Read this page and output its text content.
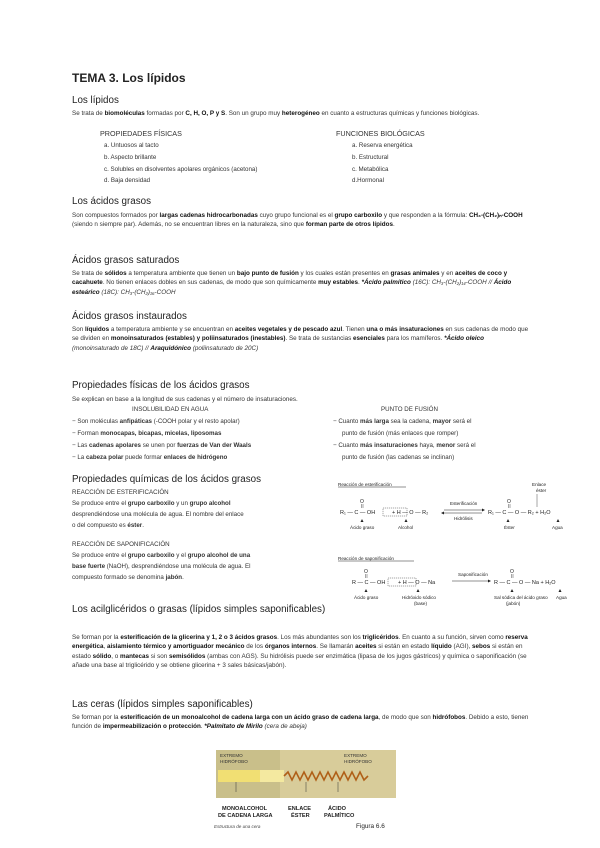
TEMA 3. Los lípidos
Los lípidos
Se trata de biomoléculas formadas por C, H, O, P y S. Son un grupo muy heterogéneo en cuanto a estructuras químicas y funciones biológicas.
PROPIEDADES FÍSICAS	FUNCIONES BIOLÓGICAS
a. Untuosos al tacto
b. Aspecto brillante
c. Solubles en disolventes apolares orgánicos (acetona)
d. Baja densidad
a. Reserva energética
b. Estructural
c. Metabólica
d.Hormonal
Los ácidos grasos
Son compuestos formados por largas cadenas hidrocarbonadas cuyo grupo funcional es el grupo carboxilo y que responden a la fórmula: CH₃-(CH₂)ₙ-COOH (siendo n siempre par). Además, no se encuentran libres en la naturaleza, sino que forman parte de otros lípidos.
Ácidos grasos saturados
Se trata de sólidos a temperatura ambiente que tienen un bajo punto de fusión y los cuales están presentes en grasas animales y en aceites de coco y cacahuete. No tienen enlaces dobles en sus cadenas, de modo que son químicamente muy estables. *Ácido palmítico (16C): CH₃-(CH₂)₁₄-COOH // Ácido esteárico (18C): CH₃-(CH₂)₁₆-COOH
Ácidos grasos instaurados
Son líquidos a temperatura ambiente y se encuentran en aceites vegetales y de pescado azul. Tienen una o más insaturaciones en sus cadenas de modo que se dividen en monoinsaturados (estables) y poliinsaturados (inestables). Se trata de sustancias esenciales para los mamíferos. *Ácido oleico (monoinsaturado de 18C) // Araquidónico (poliinsaturado de 20C)
Propiedades físicas de los ácidos grasos
Se explican en base a la longitud de sus cadenas y el número de insaturaciones.
INSOLUBILIDAD EN AGUA	PUNTO DE FUSIÓN
− Son moléculas anfipáticas (-COOH polar y el resto apolar)
− Forman monocapas, bicapas, micelas, liposomas
− Las cadenas apolares se unen por fuerzas de Van der Waals
− La cabeza polar puede formar enlaces de hidrógeno
− Cuanto más larga sea la cadena, mayor será el
punto de fusión (más enlaces que romper)
− Cuanto más insaturaciones haya, menor será el
punto de fusión (las cadenas se inclinan)
Propiedades químicas de los ácidos grasos
REACCIÓN DE ESTERIFICACIÓN
Se produce entre el grupo carboxilo y un grupo alcohol
desprendiéndose una molécula de agua. El nombre del enlace
o del compuesto es éster.
REACCIÓN DE SAPONIFICACIÓN
Se produce entre el grupo carboxilo y el grupo alcohol de una
base fuerte (NaOH), desprendiéndose una molécula de agua. El
compuesto formado se denomina jabón.
Reacción de esterificación	Enlace
éster
O
R₁ — C — OH	+ H — O — R₂
Esterificación
Hidrólisis
O
R₁ — C — O — R₂ + H₂O
Ácido graso	Alcohol	Éster	Agua
Reacción de saponificación
O
R — C — OH + H — O — Na
Saponificación	O
R — C — O — Na + H₂O
Ácido graso	Hidróxido sódico
(base)
Sal sódica del ácido graso
(jabón)
Agua
Los acilglicéridos o grasas (lípidos simples saponificables)
Se forman por la esterificación de la glicerina y 1, 2 o 3 ácidos grasos. Los más abundantes son los triglicéridos. En cuanto a su función, sirven como reserva energética, aislamiento térmico y amortiguador mecánico de los órganos internos. Se llamarán aceites si están en estado líquido (AGI), sebos si están en estado sólido, o mantecas si son semisólidos (ambas con AGS). Su hidrólisis puede ser enzimática (lipasa de los jugos gástricos) y química o saponificación (se añade una base al triglicérido y se obtiene glicerina + 3 sales básicas/jabón).
Las ceras (lípidos simples saponificables)
Se forman por la esterificación de un monoalcohol de cadena larga con un ácido graso de cadena larga, de modo que son hidrófobos. Debido a esto, tienen función de impermeabilización o protección. *Palmitato de Mirilo (cera de abeja)
EXTREMO
HIDRÓFOBO
EXTREMO
HIDRÓFOBO
MONOALCOHOL
DE CADENA LARGA
ENLACE
ÉSTER
ÁCIDO
PALMÍTICO
Estructura de una cera	Figura 6.6
